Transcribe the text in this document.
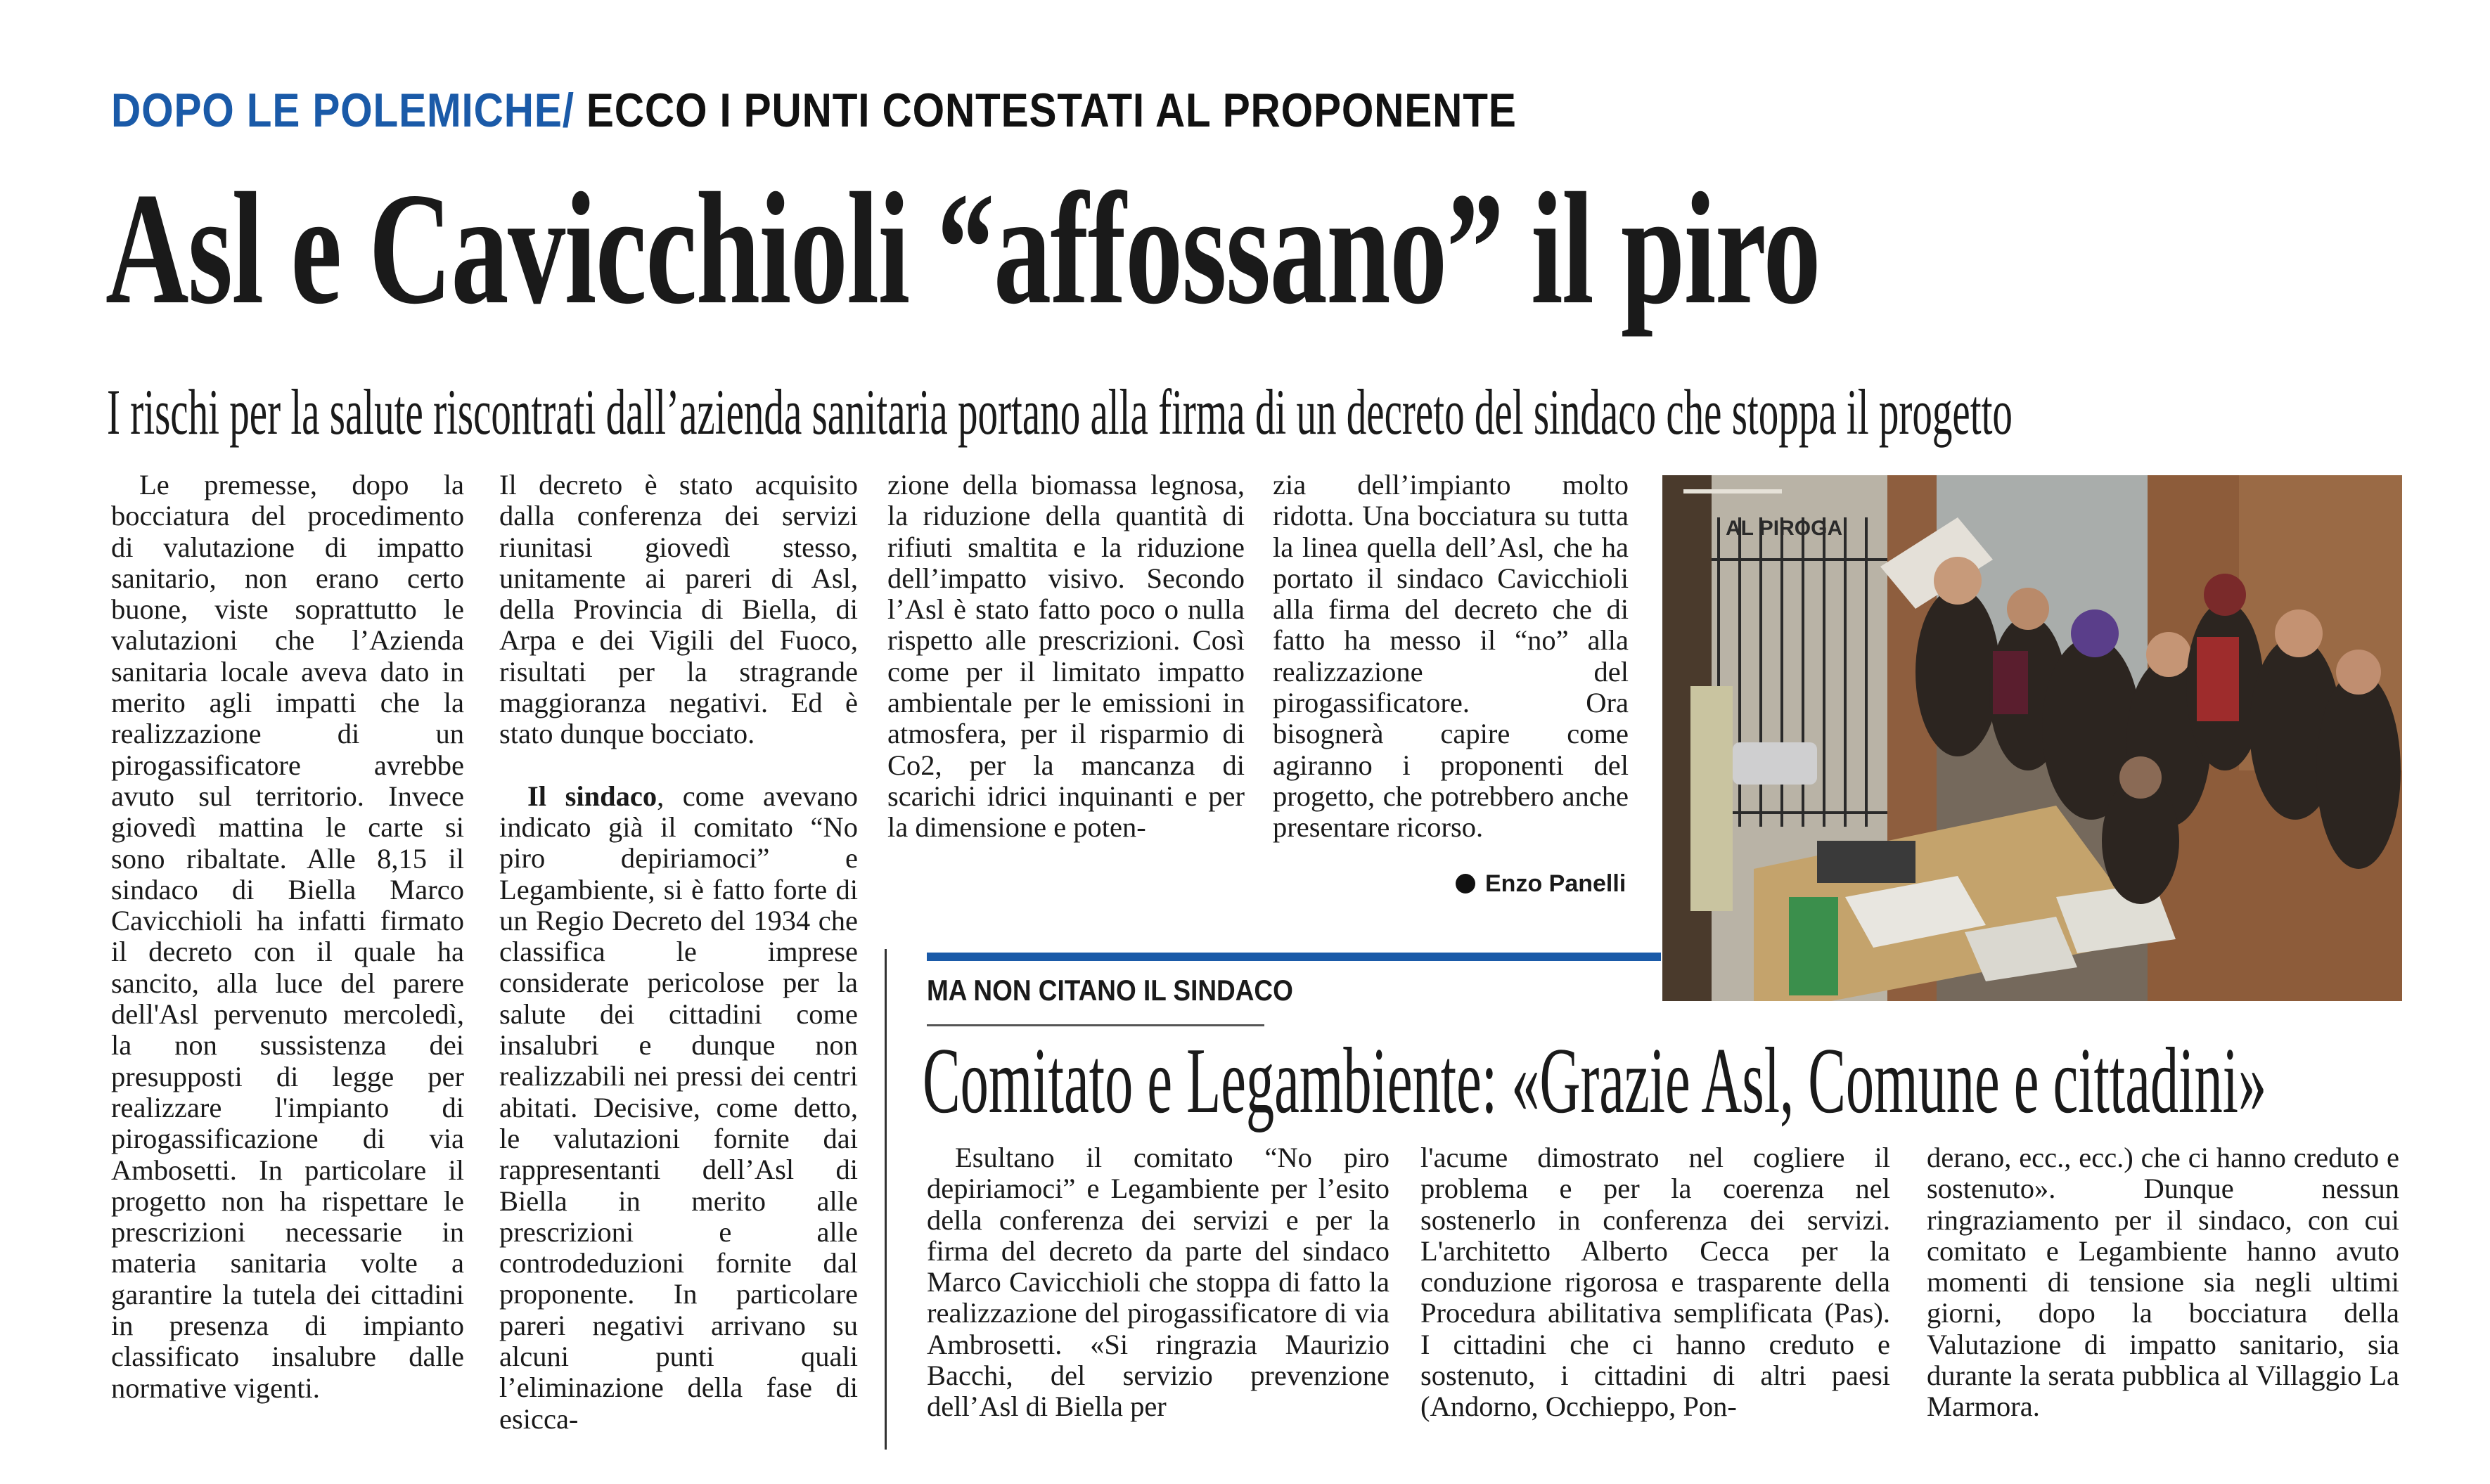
DOPO LE POLEMICHE/ ECCO I PUNTI CONTESTATI AL PROPONENTE
Asl e Cavicchioli “affossano” il piro
I rischi per la salute riscontrati dall’azienda sanitaria portano alla firma di un decreto del sindaco che stoppa il progetto

Le premesse, dopo la bocciatura del procedimento di valutazione di impatto sanitario, non erano certo buone, viste soprattutto le valutazioni che l’Azienda sanitaria locale aveva dato in merito agli impatti che la realizzazione di un pirogassificatore avrebbe avuto sul territorio. Invece giovedì mattina le carte si sono ribaltate. Alle 8,15 il sindaco di Biella Marco Cavicchioli ha infatti firmato il decreto con il quale ha sancito, alla luce del parere dell'Asl pervenuto mercoledì, la non sussistenza dei presupposti di legge per realizzare l'impianto di pirogassificazione di via Ambosetti. In particolare il progetto non ha rispettare le prescrizioni necessarie in materia sanitaria volte a garantire la tutela dei cittadini in presenza di impianto classificato insalubre dalle normative vigenti.

Il decreto è stato acquisito dalla conferenza dei servizi riunitasi giovedì stesso, unitamente ai pareri di Asl, della Provincia di Biella, di Arpa e dei Vigili del Fuoco, risultati per la stragrande maggioranza negativi. Ed è stato dunque bocciato.

Il sindaco, come avevano indicato già il comitato “No piro depiriamoci” e Legambiente, si è fatto forte di un Regio Decreto del 1934 che classifica le imprese considerate pericolose per la salute dei cittadini come insalubri e dunque non realizzabili nei pressi dei centri abitati. Decisive, come detto, le valutazioni fornite dai rappresentanti dell’Asl di Biella in merito alle prescrizioni e alle controdeduzioni fornite dal proponente. In particolare pareri negativi arrivano su alcuni punti quali l’eliminazione della fase di esicca-

zione della biomassa legnosa, la riduzione della quantità di rifiuti smaltita e la riduzione dell’impatto visivo. Secondo l’Asl è stato fatto poco o nulla rispetto alle prescrizioni. Così come per il limitato impatto ambientale per le emissioni in atmosfera, per il risparmio di Co2, per la mancanza di scarichi idrici inquinanti e per la dimensione e poten-

zia dell’impianto molto ridotta. Una bocciatura su tutta la linea quella dell’Asl, che ha portato il sindaco Cavicchioli alla firma del decreto che di fatto ha messo il “no” alla realizzazione del pirogassificatore. Ora bisognerà capire come agiranno i proponenti del progetto, che potrebbero anche presentare ricorso.

Enzo Panelli
AL PIROGA
MA NON CITANO IL SINDACO
Comitato e Legambiente: «Grazie Asl, Comune e cittadini»

Esultano il comitato “No piro depiriamoci” e Legambiente per l’esito della conferenza dei servizi e per la firma del decreto da parte del sindaco Marco Cavicchioli che stoppa di fatto la realizzazione del pirogassificatore di via Ambrosetti. «Si ringrazia Maurizio Bacchi, del servizio prevenzione dell’Asl di Biella per

l'acume dimostrato nel cogliere il problema e per la coerenza nel sostenerlo in conferenza dei servizi. L'architetto Alberto Cecca per la conduzione rigorosa e trasparente della Procedura abilitativa semplificata (Pas). I cittadini che ci hanno creduto e sostenuto, i cittadini di altri paesi (Andorno, Occhieppo, Pon-

derano, ecc., ecc.) che ci hanno creduto e sostenuto». Dunque nessun ringraziamento per il sindaco, con cui comitato e Legambiente hanno avuto momenti di tensione sia negli ultimi giorni, dopo la bocciatura della Valutazione di impatto sanitario, sia durante la serata pubblica al Villaggio La Marmora.
